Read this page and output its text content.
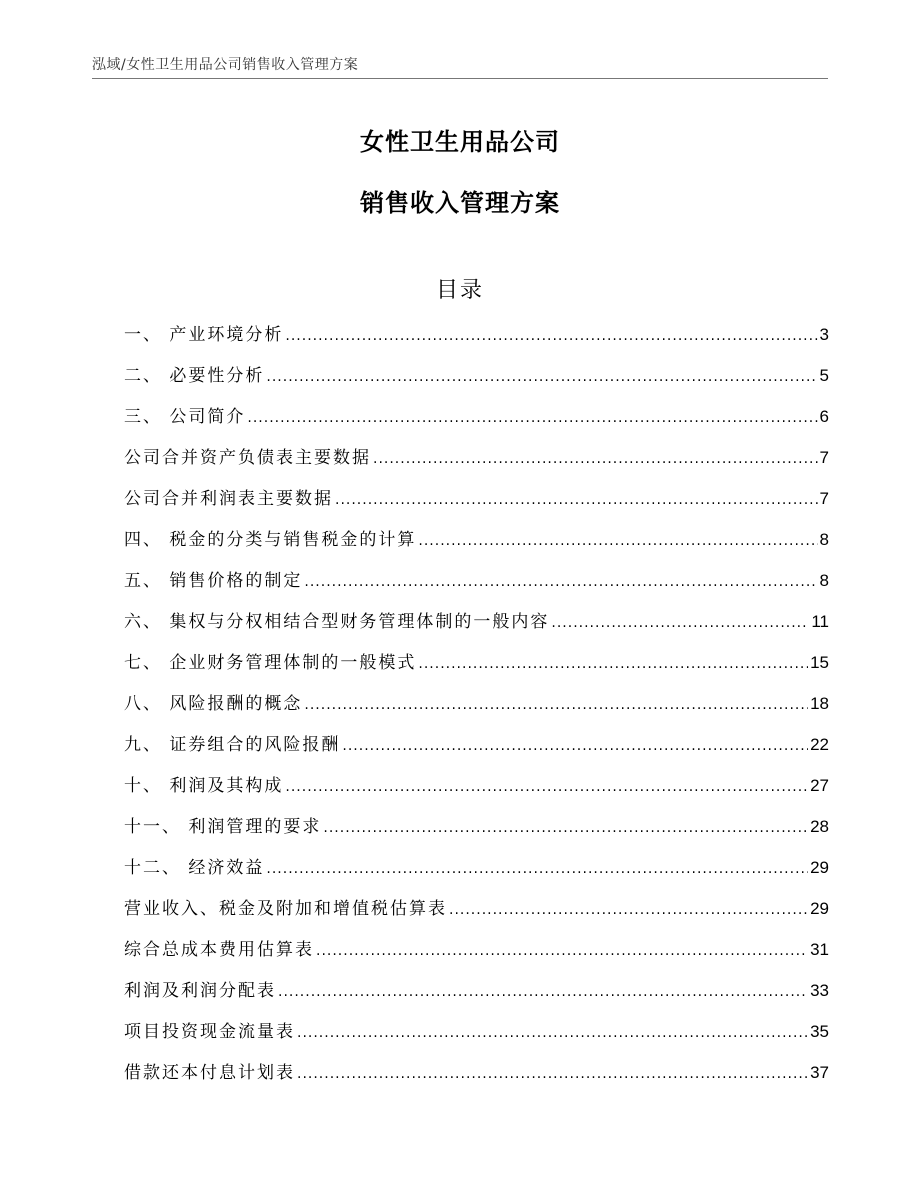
泓域/女性卫生用品公司销售收入管理方案
女性卫生用品公司
销售收入管理方案
目录
一、 产业环境分析 .....	3
二、 必要性分析 .....	5
三、 公司简介 .....	6
公司合并资产负债表主要数据 .....	7
公司合并利润表主要数据 .....	7
四、 税金的分类与销售税金的计算 .....	8
五、 销售价格的制定 .....	8
六、 集权与分权相结合型财务管理体制的一般内容 .....	11
七、 企业财务管理体制的一般模式 .....	15
八、 风险报酬的概念 .....	18
九、 证券组合的风险报酬 .....	22
十、 利润及其构成 .....	27
十一、 利润管理的要求 .....	28
十二、 经济效益 .....	29
营业收入、税金及附加和增值税估算表 .....	29
综合总成本费用估算表 .....	31
利润及利润分配表 .....	33
项目投资现金流量表 .....	35
借款还本付息计划表 .....	37
